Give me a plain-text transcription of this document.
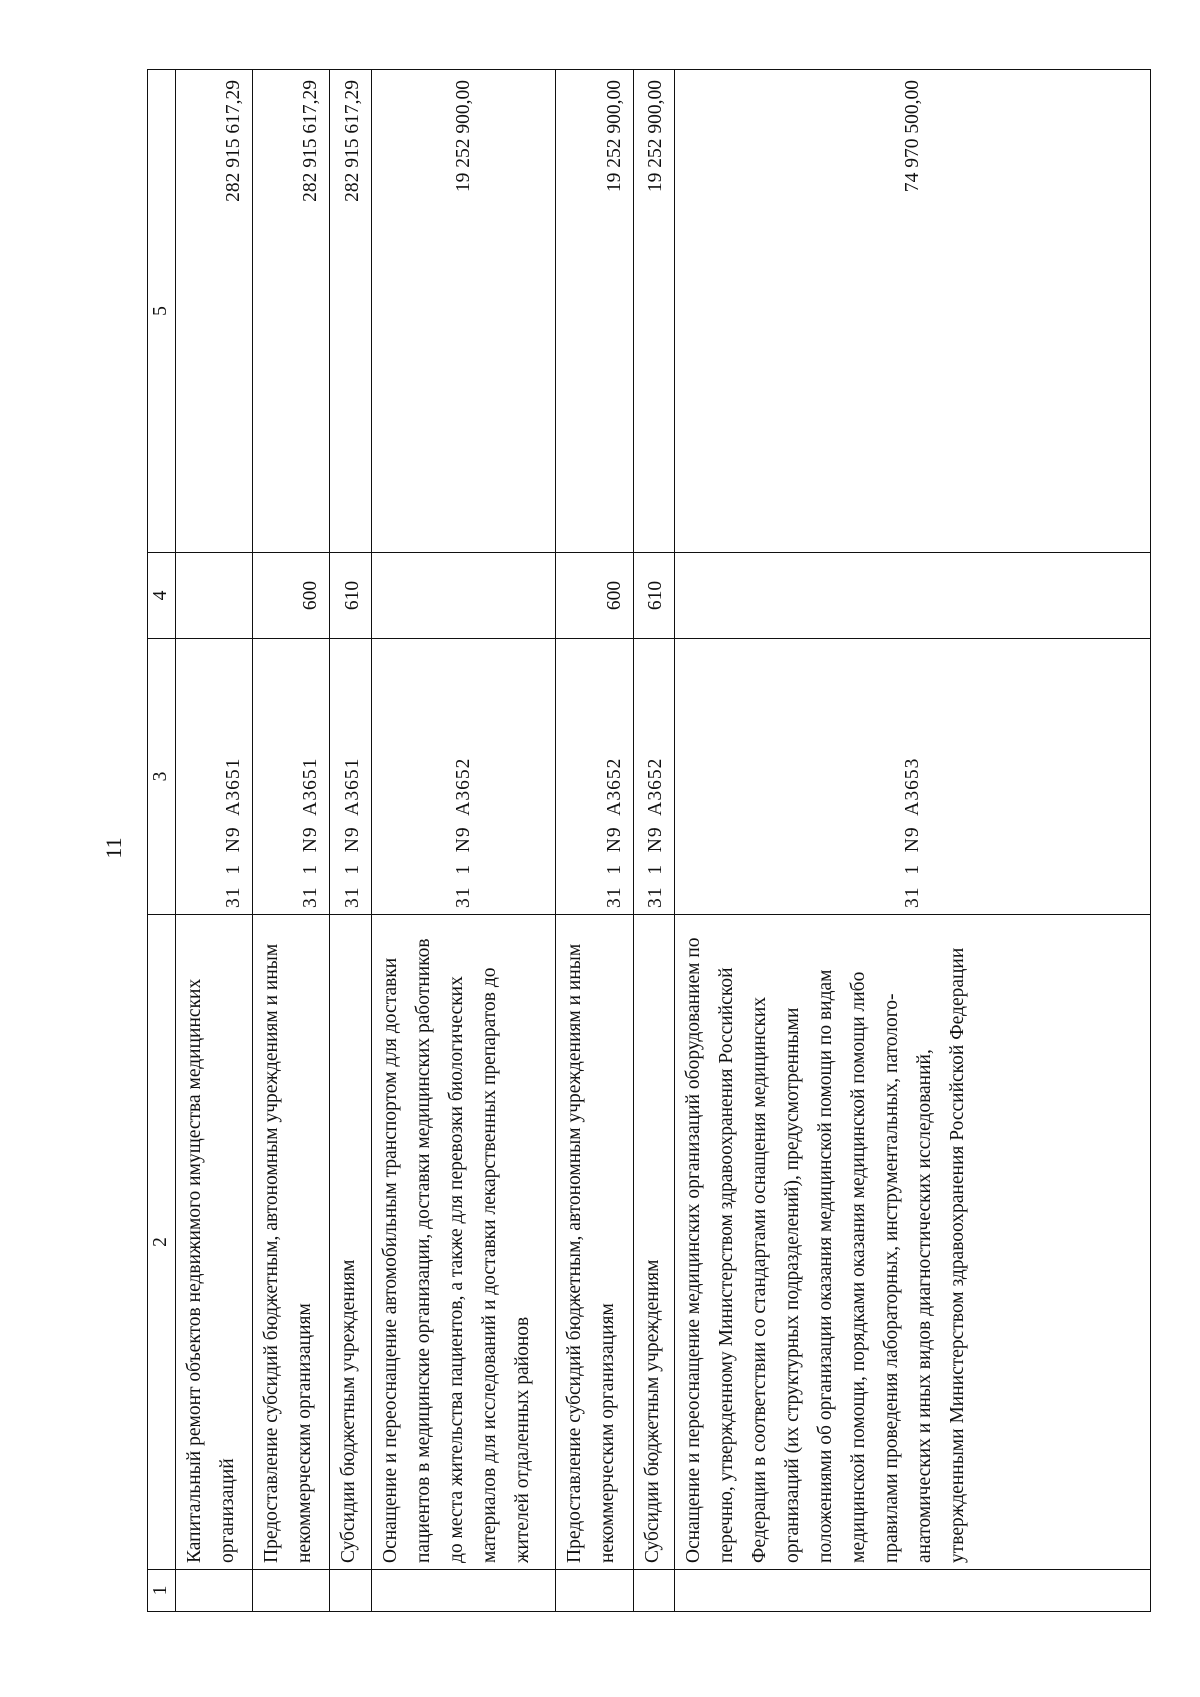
11
1	2	3	4	5
	Капитальный ремонт объектов недвижимого имущества медицинских организаций	31  1  N9  A3651		282 915 617,29
	Предоставление субсидий бюджетным, автономным учреждениям и иным некоммерческим организациям	31  1  N9  A3651	600	282 915 617,29
	Субсидии бюджетным учреждениям	31  1  N9  A3651	610	282 915 617,29
	Оснащение и переоснащение автомобильным транспортом для доставки пациентов в медицинские организации, доставки медицинских работников до места жительства пациентов, а также для перевозки биологических материалов для исследований и доставки лекарственных препаратов до жителей отдаленных районов	31  1  N9  A3652		19 252 900,00
	Предоставление субсидий бюджетным, автономным учреждениям и иным некоммерческим организациям	31  1  N9  A3652	600	19 252 900,00
	Субсидии бюджетным учреждениям	31  1  N9  A3652	610	19 252 900,00
	Оснащение и переоснащение медицинских организаций оборудованием по перечню, утвержденному Министерством здравоохранения Российской Федерации в соответствии со стандартами оснащения медицинских организаций (их структурных подразделений), предусмотренными положениями об организации оказания медицинской помощи по видам медицинской помощи, порядками оказания медицинской помощи либо правилами проведения лабораторных, инструментальных, патолого-анатомических и иных видов диагностических исследований, утвержденными Министерством здравоохранения Российской Федерации	31  1  N9  A3653		74 970 500,00
